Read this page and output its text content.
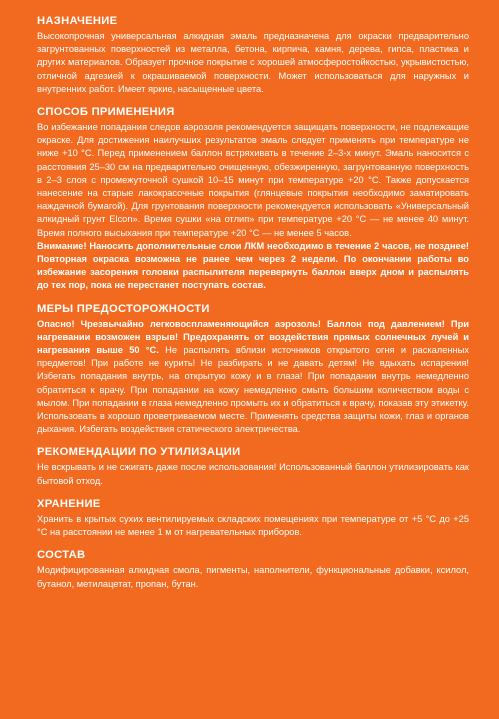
НАЗНАЧЕНИЕ

Высокопрочная универсальная алкидная эмаль предназначена для окраски предварительно загрунтованных поверхностей из металла, бетона, кирпича, камня, дерева, гипса, пластика и других материалов. Образует прочное покрытие с хорошей атмосферостойкостью, укрывистостью, отличной адгезией к окрашиваемой поверхности. Может использоваться для наружных и внутренних работ. Имеет яркие, насыщенные цвета.

СПОСОБ ПРИМЕНЕНИЯ

Во избежание попадания следов аэрозоля рекомендуется защищать поверхности, не подлежащие окраске. Для достижения наилучших результатов эмаль следует применять при температуре не ниже +10 °С. Перед применением баллон встряхивать в течение 2–3-х минут. Эмаль наносится с расстояния 25–30 см на предварительно очищенную, обезжиренную, загрунтованную поверхность в 2–3 слоя с промежуточной сушкой 10–15 минут при температуре +20 °С. Также допускается нанесение на старые лакокрасочные покрытия (глянцевые покрытия необходимо заматировать наждачной бумагой). Для грунтования поверхности рекомендуется использовать «Универсальный алкидный грунт Elcon». Время сушки «на отлип» при температуре +20 °С — не менее 40 минут. Время полного высыхания при температуре +20 °С — не менее 5 часов.

Внимание! Наносить дополнительные слои ЛКМ необходимо в течение 2 часов, не позднее! Повторная окраска возможна не ранее чем через 2 недели. По окончании работы во избежание засорения головки распылителя перевернуть баллон вверх дном и распылять до тех пор, пока не перестанет поступать состав.

МЕРЫ ПРЕДОСТОРОЖНОСТИ

Опасно! Чрезвычайно легковоспламеняющийся аэрозоль! Баллон под давлением! При нагревании возможен взрыв! Предохранять от воздействия прямых солнечных лучей и нагревания выше 50 °С. Не распылять вблизи источников открытого огня и раскаленных предметов! При работе не курить! Не разбирать и не давать детям! Не вдыхать испарения! Избегать попадания внутрь, на открытую кожу и в глаза! При попадании внутрь немедленно обратиться к врачу. При попадании на кожу немедленно смыть большим количеством воды с мылом. При попадании в глаза немедленно промыть их и обратиться к врачу, показав эту этикетку. Использовать в хорошо проветриваемом месте. Применять средства защиты кожи, глаз и органов дыхания. Избегать воздействия статического электричества.

РЕКОМЕНДАЦИИ ПО УТИЛИЗАЦИИ

Не вскрывать и не сжигать даже после использования! Использованный баллон утилизировать как бытовой отход.

ХРАНЕНИЕ

Хранить в крытых сухих вентилируемых складских помещениях при температуре от +5 °С до +25 °С на расстоянии не менее 1 м от нагревательных приборов.

СОСТАВ

Модифицированная алкидная смола, пигменты, наполнители, функциональные добавки, ксилол, бутанол, метилацетат, пропан, бутан.
